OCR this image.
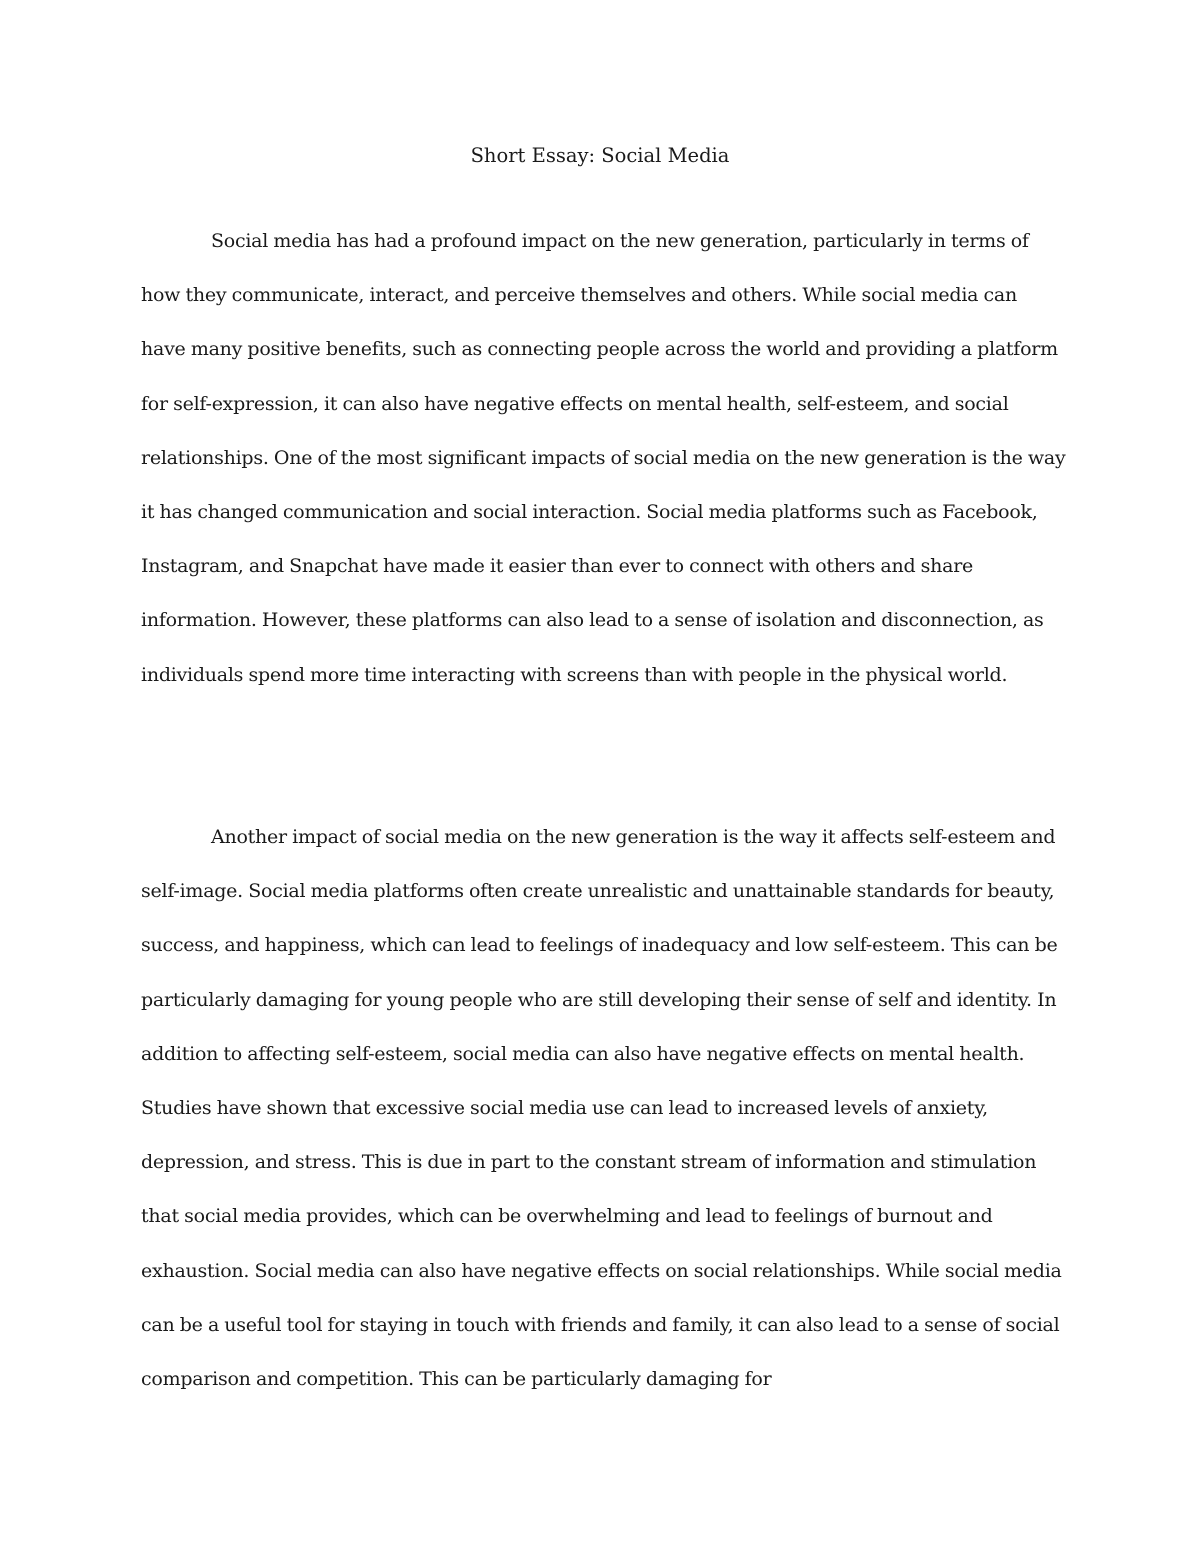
Short Essay: Social Media

Social media has had a profound impact on the new generation, particularly in terms of how they communicate, interact, and perceive themselves and others. While social media can have many positive benefits, such as connecting people across the world and providing a platform for self-expression, it can also have negative effects on mental health, self-esteem, and social relationships. One of the most significant impacts of social media on the new generation is the way it has changed communication and social interaction. Social media platforms such as Facebook, Instagram, and Snapchat have made it easier than ever to connect with others and share information. However, these platforms can also lead to a sense of isolation and disconnection, as individuals spend more time interacting with screens than with people in the physical world.

Another impact of social media on the new generation is the way it affects self-esteem and self-image. Social media platforms often create unrealistic and unattainable standards for beauty, success, and happiness, which can lead to feelings of inadequacy and low self-esteem. This can be particularly damaging for young people who are still developing their sense of self and identity. In addition to affecting self-esteem, social media can also have negative effects on mental health. Studies have shown that excessive social media use can lead to increased levels of anxiety, depression, and stress. This is due in part to the constant stream of information and stimulation that social media provides, which can be overwhelming and lead to feelings of burnout and exhaustion. Social media can also have negative effects on social relationships. While social media can be a useful tool for staying in touch with friends and family, it can also lead to a sense of social comparison and competition. This can be particularly damaging for
